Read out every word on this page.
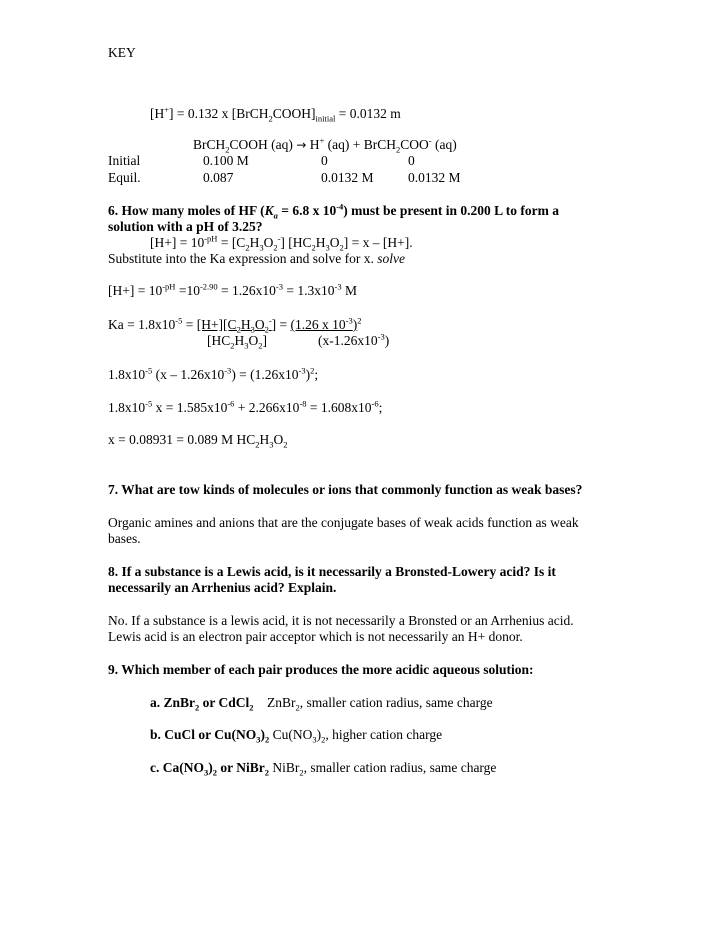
KEY
[H+] = 0.132 x $[BrCH_2COOH]_{initial} = 0.0132$ m
BrCH$_2$COOH (aq) → H+ (aq) + BrCH$_2$COO- (aq)
Initial	0.100 M	0	0
Equil.	0.087	0.0132 M	0.0132 M
6. How many moles of HF ($K_a = 6.8$ x $10^{-4}$) must be present in 0.200 L to form a
solution with a pH of 3.25?
$[H+] = 10^{-pH} = [C_2H_3O_2^-] [HC_2H_3O_2] = x - [H+]$.
Substitute into the Ka expression and solve for x. solve
$[H+] = 10^{-pH} =10^{-2.90} = 1.26x10^{-3} = 1.3x10^{-3}$ M
$Ka = 1.8x10^{-5} = [H+][C_2H_3O_2^-] = (1.26$ x $10^{-3})^2$
$[HC_2H_3O_2]$	$(x-1.26x10^{-3})$
$1.8x10^{-5}$ $(x - 1.26x10^{-3}) = (1.26x10^{-3})^2$;
$1.8x10^{-5}$ $x = 1.585x10^{-6} + 2.266x10^{-8} = 1.608x10^{-6}$;
x = 0.08931 = 0.089 M $HC_2H_3O_2$
7. What are tow kinds of molecules or ions that commonly function as weak bases?
Organic amines and anions that are the conjugate bases of weak acids function as weak
bases.
8. If a substance is a Lewis acid, is it necessarily a Bronsted-Lowery acid? Is it
necessarily an Arrhenius acid? Explain.
No. If a substance is a lewis acid, it is not necessarily a Bronsted or an Arrhenius acid.
Lewis acid is an electron pair acceptor which is not necessarily an H+ donor.
9. Which member of each pair produces the more acidic aqueous solution:
a. ZnBr$_2$ or CdCl$_2$ ZnBr$_2$, smaller cation radius, same charge
b. CuCl or $Cu(NO_3)_2$ $Cu(NO_3)_2$, higher cation charge
c. $Ca(NO_3)_2$ or NiBr$_2$ NiBr$_2$, smaller cation radius, same charge
